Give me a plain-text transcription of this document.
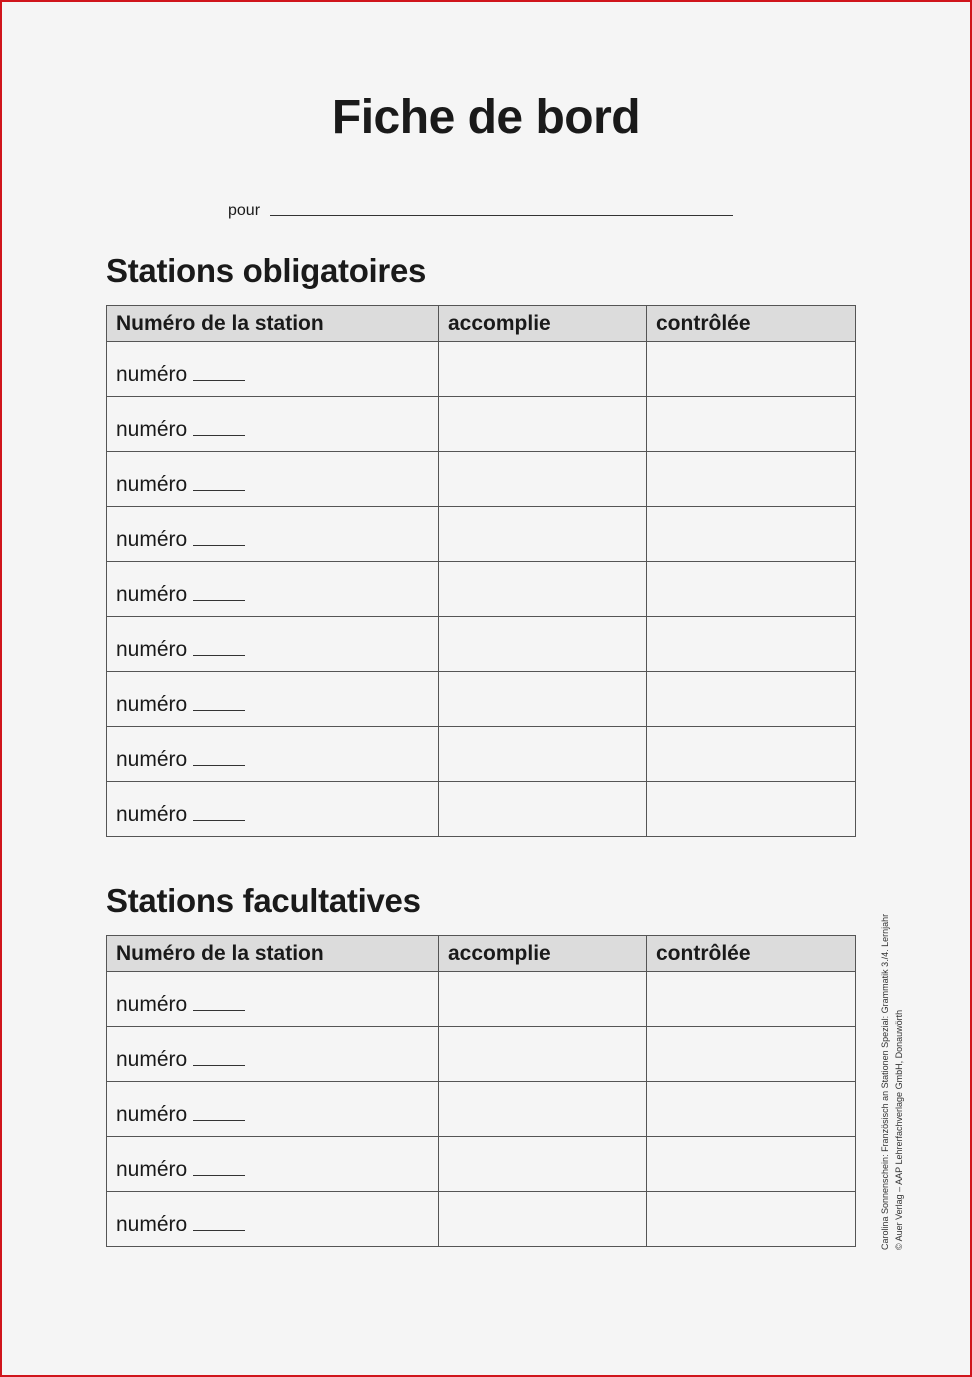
Fiche de bord
pour
Stations obligatoires
Numéro de la station	accomplie	contrôlée

numéro		

numéro		

numéro		

numéro		

numéro		

numéro		

numéro		

numéro		

numéro		

Stations facultatives
Numéro de la station	accomplie	contrôlée

numéro		

numéro		

numéro		

numéro		

numéro		
			Carolina Sonnenschein: Französisch an Stationen Spezial: Grammatik 3./4. Lernjahr © Auer Verlag – AAP Lehrerfachverlage GmbH, Donauwörth
